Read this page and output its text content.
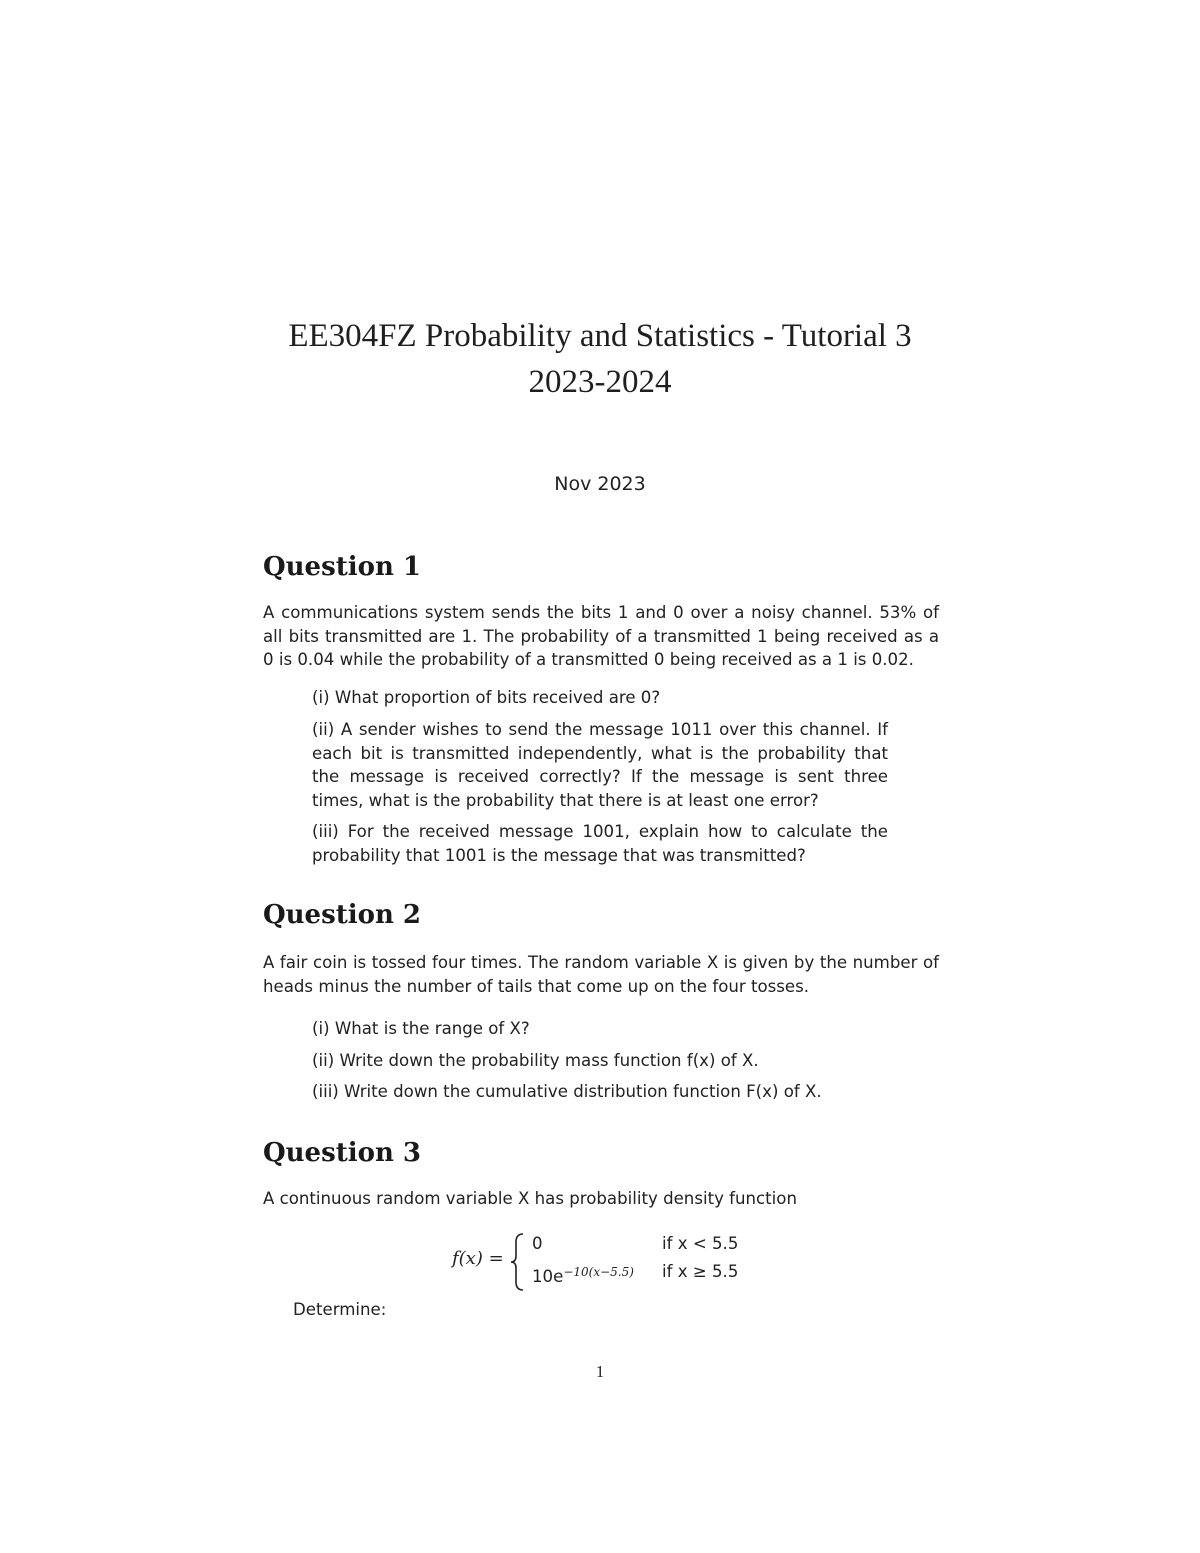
EE304FZ Probability and Statistics - Tutorial 3
2023-2024
Nov 2023
Question 1
A communications system sends the bits 1 and 0 over a noisy channel. 53% of all bits transmitted are 1. The probability of a transmitted 1 being received as a 0 is 0.04 while the probability of a transmitted 0 being received as a 1 is 0.02.
(i) What proportion of bits received are 0?
(ii) A sender wishes to send the message 1011 over this channel. If each bit is transmitted independently, what is the probability that the message is received correctly? If the message is sent three times, what is the probability that there is at least one error?
(iii) For the received message 1001, explain how to calculate the probability that 1001 is the message that was transmitted?
Question 2
A fair coin is tossed four times. The random variable X is given by the number of heads minus the number of tails that come up on the four tosses.
(i) What is the range of X?
(ii) Write down the probability mass function f(x) of X.
(iii) Write down the cumulative distribution function F(x) of X.
Question 3
A continuous random variable X has probability density function
f(x) =
0
$10e^{-10(x-5.5)}$
if x < 5.5
if x ≥ 5.5
Determine:
1
